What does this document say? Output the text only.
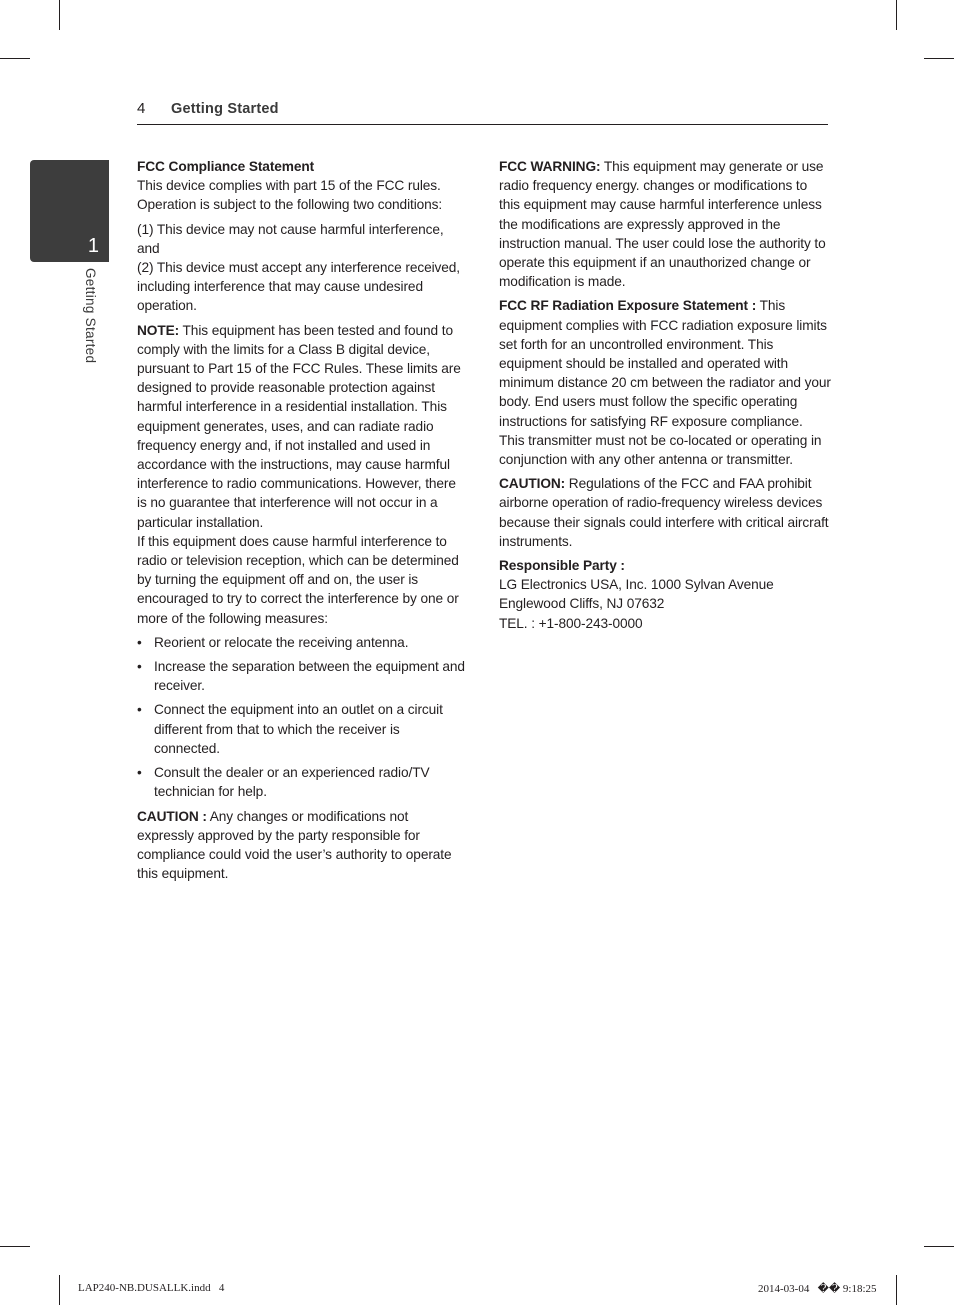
4 Getting Started
1
Getting Started

FCC Compliance Statement

This device complies with part 15 of the FCC rules. Operation is subject to the following two conditions:

(1) This device may not cause harmful interference, and

(2) This device must accept any interference received, including interference that may cause undesired operation.

NOTE: This equipment has been tested and found to comply with the limits for a Class B digital device, pursuant to Part 15 of the FCC Rules. These limits are designed to provide reasonable protection against harmful interference in a residential installation. This equipment generates, uses, and can radiate radio frequency energy and, if not installed and used in accordance with the instructions, may cause harmful interference to radio communications. However, there is no guarantee that interference will not occur in a particular installation.

If this equipment does cause harmful interference to radio or television reception, which can be determined by turning the equipment off and on, the user is encouraged to try to correct the interference by one or more of the following measures:

• Reorient or relocate the receiving antenna.
• Increase the separation between the equipment and receiver.
• Connect the equipment into an outlet on a circuit different from that to which the receiver is connected.
• Consult the dealer or an experienced radio/TV technician for help.

CAUTION : Any changes or modifications not expressly approved by the party responsible for compliance could void the user’s authority to operate this equipment.

FCC WARNING: This equipment may generate or use radio frequency energy. changes or modifications to this equipment may cause harmful interference unless the modifications are expressly approved in the instruction manual. The user could lose the authority to operate this equipment if an unauthorized change or modification is made.

FCC RF Radiation Exposure Statement : This equipment complies with FCC radiation exposure limits set forth for an uncontrolled environment. This equipment should be installed and operated with minimum distance 20 cm between the radiator and your body. End users must follow the specific operating instructions for satisfying RF exposure compliance. This transmitter must not be co-located or operating in conjunction with any other antenna or transmitter.

CAUTION: Regulations of the FCC and FAA prohibit airborne operation of radio-frequency wireless devices because their signals could interfere with critical aircraft instruments.

Responsible Party :

LG Electronics USA, Inc. 1000 Sylvan Avenue

Englewood Cliffs, NJ 07632

TEL. : +1-800-243-0000

LAP240-NB.DUSALLK.indd   4	2014-03-04   �� 9:18:25
